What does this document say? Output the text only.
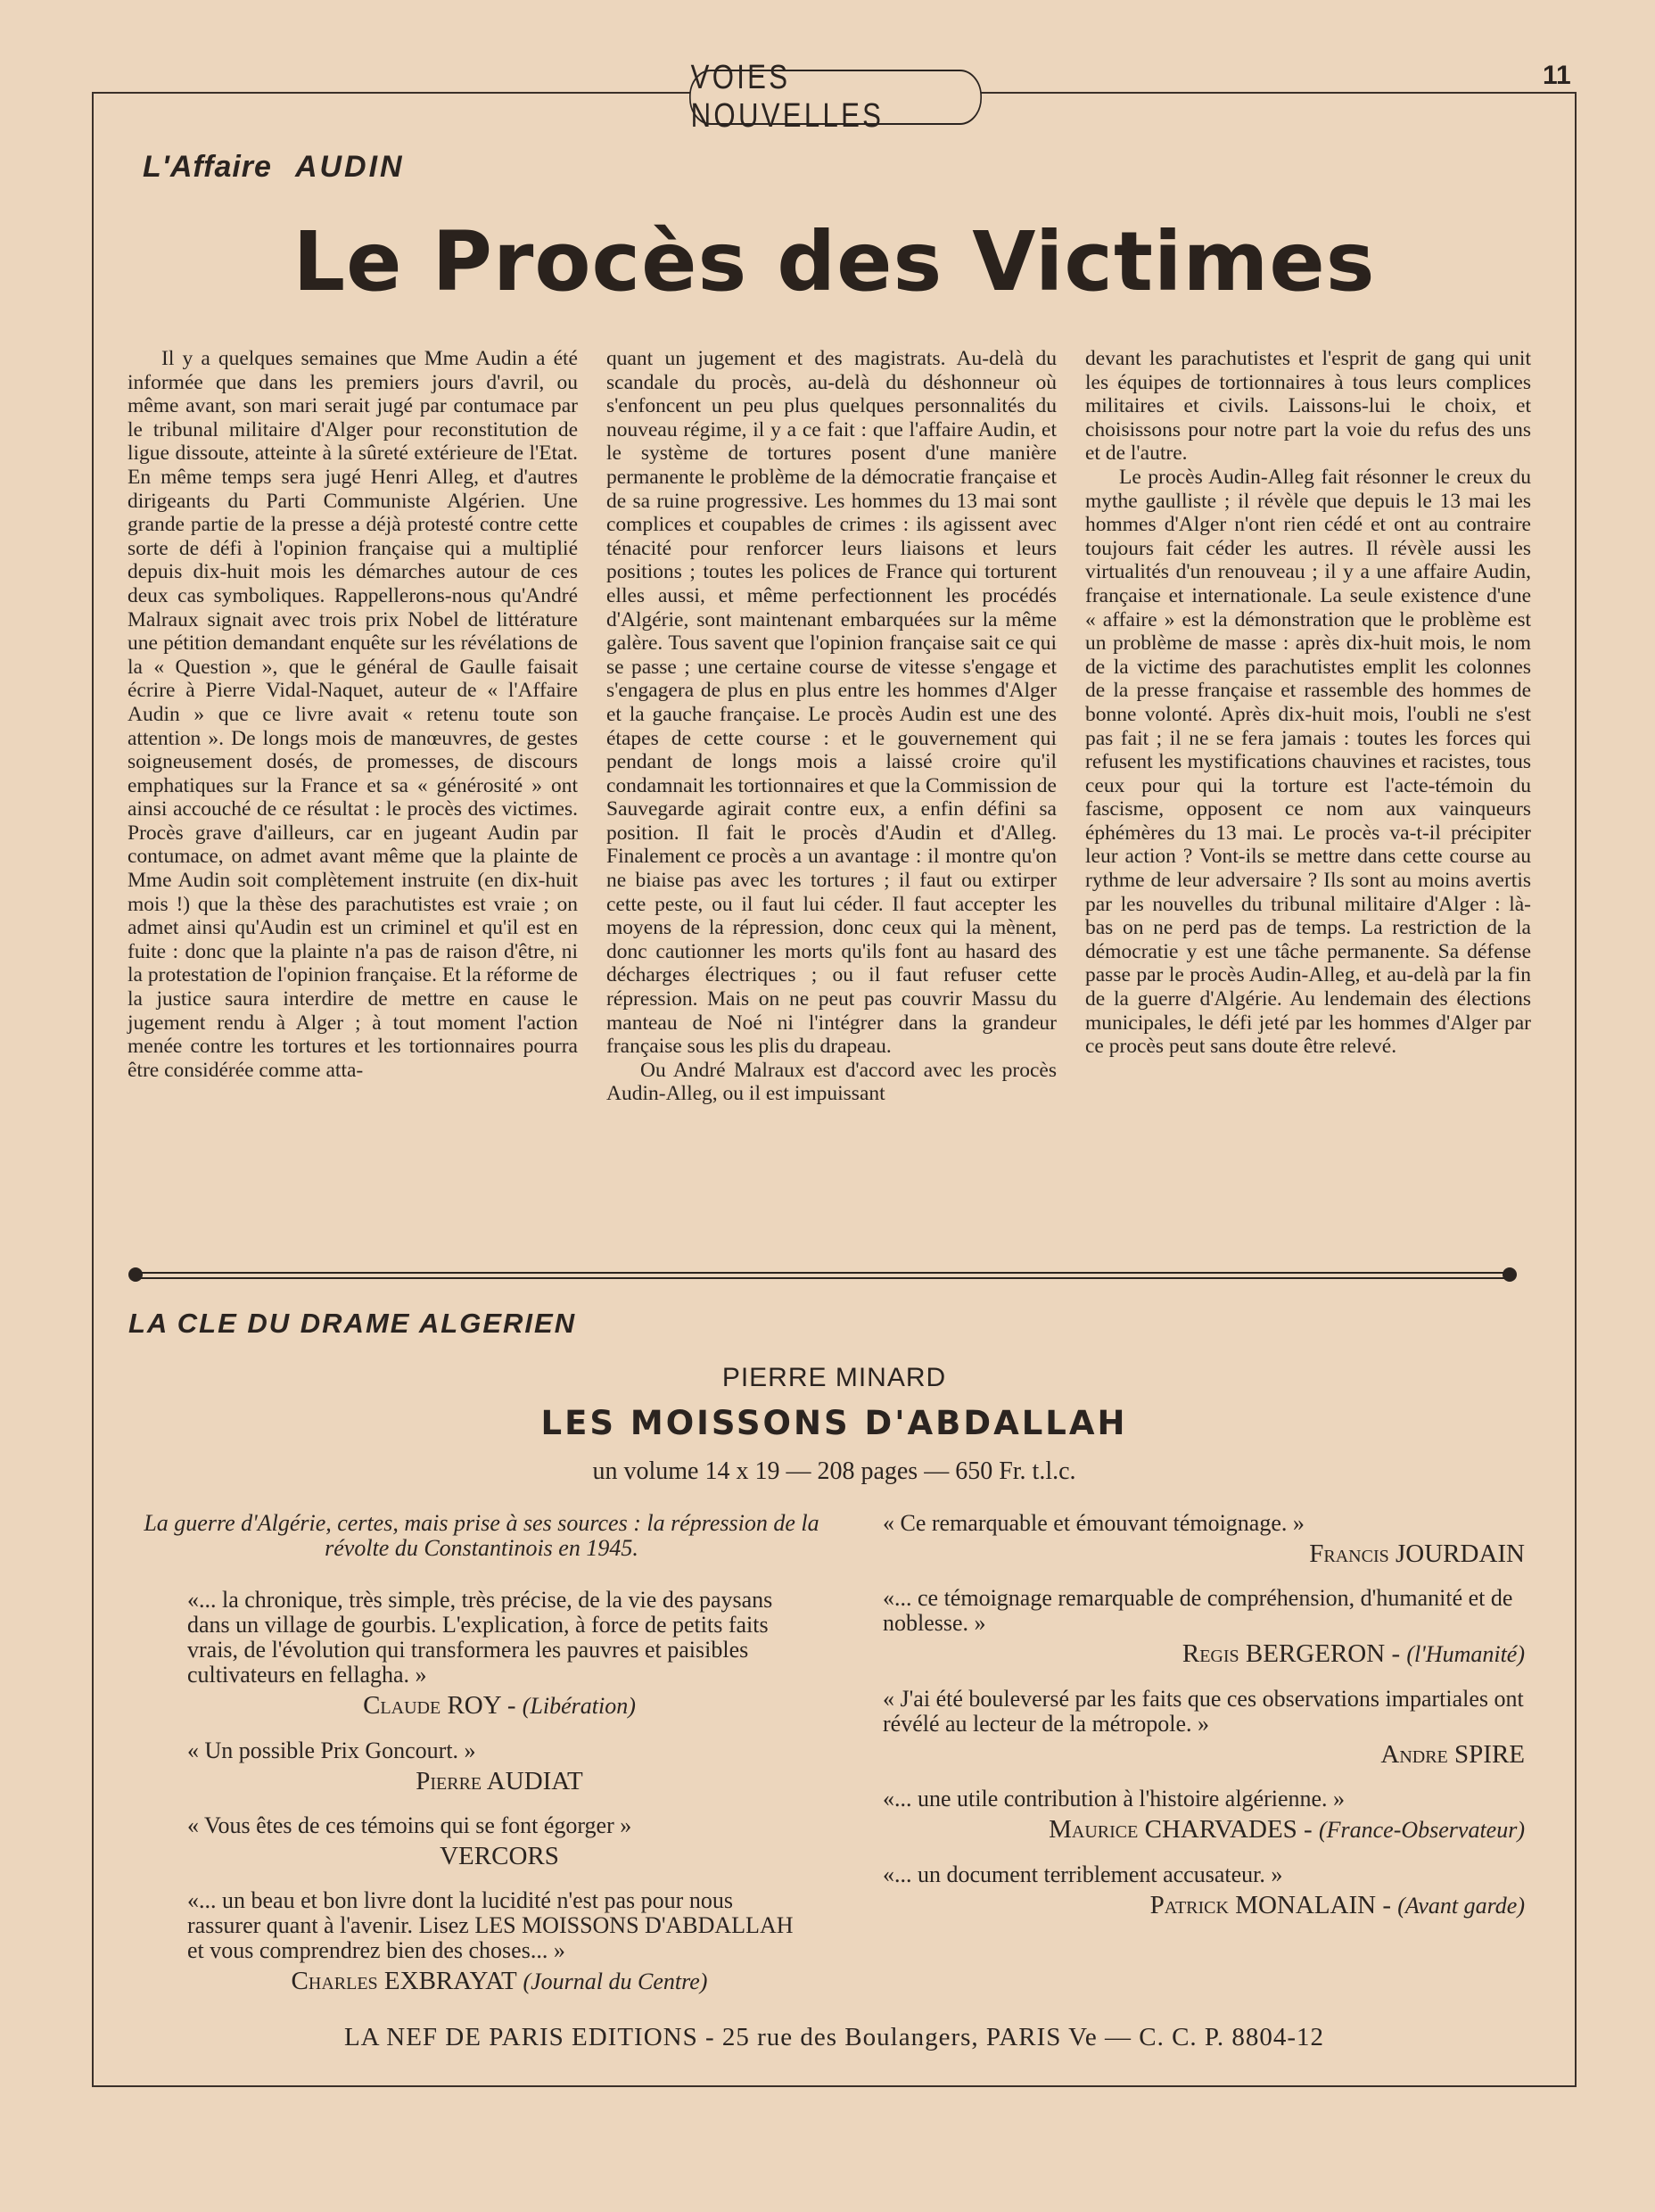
11
VOIES NOUVELLES
L'Affaire AUDIN
Le Procès des Victimes

Il y a quelques semaines que Mme Audin a été informée que dans les premiers jours d'avril, ou même avant, son mari serait jugé par contumace par le tribunal militaire d'Alger pour reconstitution de ligue dissoute, atteinte à la sûreté extérieure de l'Etat. En même temps sera jugé Henri Alleg, et d'autres dirigeants du Parti Communiste Algérien. Une grande partie de la presse a déjà protesté contre cette sorte de défi à l'opinion française qui a multiplié depuis dix-huit mois les démarches autour de ces deux cas symboliques. Rappellerons-nous qu'André Malraux signait avec trois prix Nobel de littérature une pétition demandant enquête sur les révélations de la « Question », que le général de Gaulle faisait écrire à Pierre Vidal-Naquet, auteur de « l'Affaire Audin » que ce livre avait « retenu toute son attention ». De longs mois de manœuvres, de gestes soigneusement dosés, de promesses, de discours emphatiques sur la France et sa « générosité » ont ainsi accouché de ce résultat : le procès des victimes. Procès grave d'ailleurs, car en jugeant Audin par contumace, on admet avant même que la plainte de Mme Audin soit complètement instruite (en dix-huit mois !) que la thèse des parachutistes est vraie ; on admet ainsi qu'Audin est un criminel et qu'il est en fuite : donc que la plainte n'a pas de raison d'être, ni la protestation de l'opinion française. Et la réforme de la justice saura interdire de mettre en cause le jugement rendu à Alger ; à tout moment l'action menée contre les tortures et les tortionnaires pourra être considérée comme atta-

quant un jugement et des magistrats. Au-delà du scandale du procès, au-delà du déshonneur où s'enfoncent un peu plus quelques personnalités du nouveau régime, il y a ce fait : que l'affaire Audin, et le système de tortures posent d'une manière permanente le problème de la démocratie française et de sa ruine progressive. Les hommes du 13 mai sont complices et coupables de crimes : ils agissent avec ténacité pour renforcer leurs liaisons et leurs positions ; toutes les polices de France qui torturent elles aussi, et même perfectionnent les procédés d'Algérie, sont maintenant embarquées sur la même galère. Tous savent que l'opinion française sait ce qui se passe ; une certaine course de vitesse s'engage et s'engagera de plus en plus entre les hommes d'Alger et la gauche française. Le procès Audin est une des étapes de cette course : et le gouvernement qui pendant de longs mois a laissé croire qu'il condamnait les tortionnaires et que la Commission de Sauvegarde agirait contre eux, a enfin défini sa position. Il fait le procès d'Audin et d'Alleg. Finalement ce procès a un avantage : il montre qu'on ne biaise pas avec les tortures ; il faut ou extirper cette peste, ou il faut lui céder. Il faut accepter les moyens de la répression, donc ceux qui la mènent, donc cautionner les morts qu'ils font au hasard des décharges électriques ; ou il faut refuser cette répression. Mais on ne peut pas couvrir Massu du manteau de Noé ni l'intégrer dans la grandeur française sous les plis du drapeau.

Ou André Malraux est d'accord avec les procès Audin-Alleg, ou il est impuissant

devant les parachutistes et l'esprit de gang qui unit les équipes de tortionnaires à tous leurs complices militaires et civils. Laissons-lui le choix, et choisissons pour notre part la voie du refus des uns et de l'autre.

Le procès Audin-Alleg fait résonner le creux du mythe gaulliste ; il révèle que depuis le 13 mai les hommes d'Alger n'ont rien cédé et ont au contraire toujours fait céder les autres. Il révèle aussi les virtualités d'un renouveau ; il y a une affaire Audin, française et internationale. La seule existence d'une « affaire » est la démonstration que le problème est un problème de masse : après dix-huit mois, le nom de la victime des parachutistes emplit les colonnes de la presse française et rassemble des hommes de bonne volonté. Après dix-huit mois, l'oubli ne s'est pas fait ; il ne se fera jamais : toutes les forces qui refusent les mystifications chauvines et racistes, tous ceux pour qui la torture est l'acte-témoin du fascisme, opposent ce nom aux vainqueurs éphémères du 13 mai. Le procès va-t-il précipiter leur action ? Vont-ils se mettre dans cette course au rythme de leur adversaire ? Ils sont au moins avertis par les nouvelles du tribunal militaire d'Alger : là-bas on ne perd pas de temps. La restriction de la démocratie y est une tâche permanente. Sa défense passe par le procès Audin-Alleg, et au-delà par la fin de la guerre d'Algérie. Au lendemain des élections municipales, le défi jeté par les hommes d'Alger par ce procès peut sans doute être relevé.

LA CLE DU DRAME ALGERIEN
PIERRE MINARD
LES MOISSONS D'ABDALLAH
un volume 14 x 19 — 208 pages — 650 Fr. t.l.c.
La guerre d'Algérie, certes, mais prise à ses sources : la répression de la révolte du Constantinois en 1945.
«... la chronique, très simple, très précise, de la vie des paysans dans un village de gourbis. L'explication, à force de petits faits vrais, de l'évolution qui transformera les pauvres et paisibles cultivateurs en fellagha. »
Claude ROY - (Libération)
« Un possible Prix Goncourt. »
Pierre AUDIAT
« Vous êtes de ces témoins qui se font égorger »
VERCORS
«... un beau et bon livre dont la lucidité n'est pas pour nous rassurer quant à l'avenir. Lisez LES MOISSONS D'ABDALLAH et vous comprendrez bien des choses... »
Charles EXBRAYAT (Journal du Centre)
« Ce remarquable et émouvant témoignage. »
Francis JOURDAIN
«... ce témoignage remarquable de compréhension, d'humanité et de noblesse. »
Regis BERGERON - (l'Humanité)
« J'ai été bouleversé par les faits que ces observations impartiales ont révélé au lecteur de la métropole. »
Andre SPIRE
«... une utile contribution à l'histoire algérienne. »
Maurice CHARVADES - (France-Observateur)
«... un document terriblement accusateur. »
Patrick MONALAIN - (Avant garde)
LA NEF DE PARIS EDITIONS - 25 rue des Boulangers, PARIS Ve — C. C. P. 8804-12
